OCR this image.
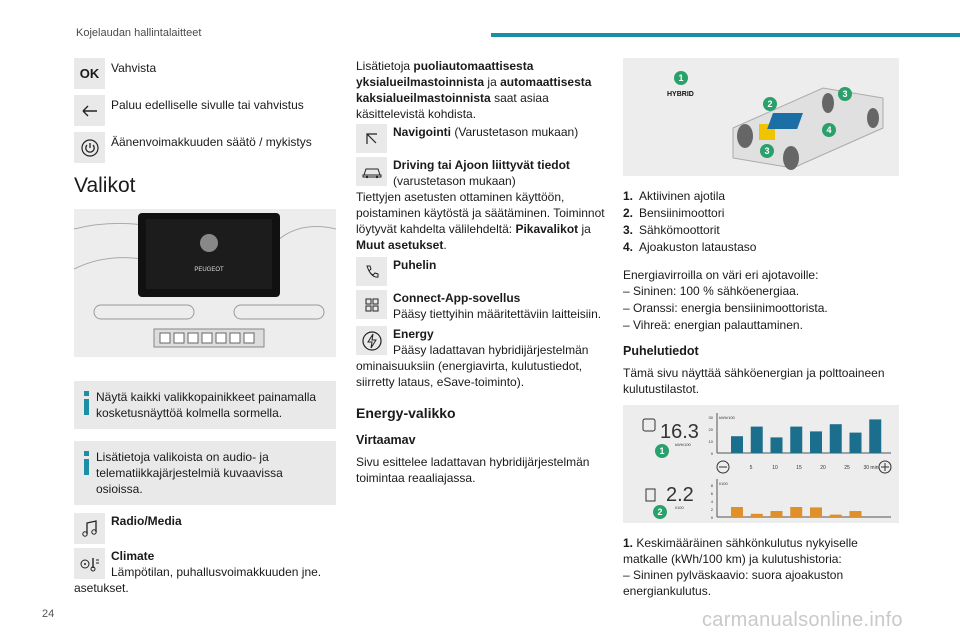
Kojelaudan hallintalaitteet
OK Vahvista
Paluu edelliselle sivulle tai vahvistus
Äänenvoimakkuuden säätö / mykistys
Valikot
PEUGEOT
Näytä kaikki valikkopainikkeet painamalla kosketusnäyttöä kolmella sormella.
Lisätietoja valikoista on audio- ja telematiikkajärjestelmiä kuvaavissa osioissa.
Radio/Media
Climate
Lämpötilan, puhallusvoimakkuuden jne. asetukset.
Lisätietoja puoliautomaattisesta yksialueilmastoinnista ja automaattisesta kaksialueilmastoinnista saat asiaa käsittelevistä kohdista.
Navigointi (Varustetason mukaan)
Driving tai Ajoon liittyvät tiedot
(varustetason mukaan)
Tiettyjen asetusten ottaminen käyttöön, poistaminen käytöstä ja säätäminen. Toiminnot löytyvät kahdelta välilehdeltä: Pikavalikot ja Muut asetukset.
Puhelin
Connect-App-sovellus
Pääsy tiettyihin määritettäviin laitteisiin.
Energy
Pääsy ladattavan hybridijärjestelmän ominaisuuksiin (energiavirta, kulutustiedot, siirretty lataus, eSave-toiminto).
Energy-valikko
Virtaamav

Sivu esittelee ladattavan hybridijärjestelmän toimintaa reaaliajassa.

HYBRID
1
2
3
4
3
1. Aktiivinen ajotila
2. Bensiinimoottori
3. Sähkömoottorit
4. Ajoakuston lataustaso
Energiavirroilla on väri eri ajotavoille:
– Sininen: 100 % sähköenergiaa.
– Oranssi: energia bensiinimoottorista.
– Vihreä: energian palauttaminen.
Puhelutiedot

Tämä sivu näyttää sähköenergian ja polttoaineen kulutustilastot.

16.3
kWh/100
1
2.2
l/100
2
kWh/100
l/100
30
20
10
0
8
6
4
2
0
5	10	15	20	25	30 min
1. Keskimääräinen sähkönkulutus nykyiselle matkalle (kWh/100 km) ja kulutushistoria:
– Sininen pylväskaavio: suora ajoakuston energiankulutus.
24	carmanualsonline.info
